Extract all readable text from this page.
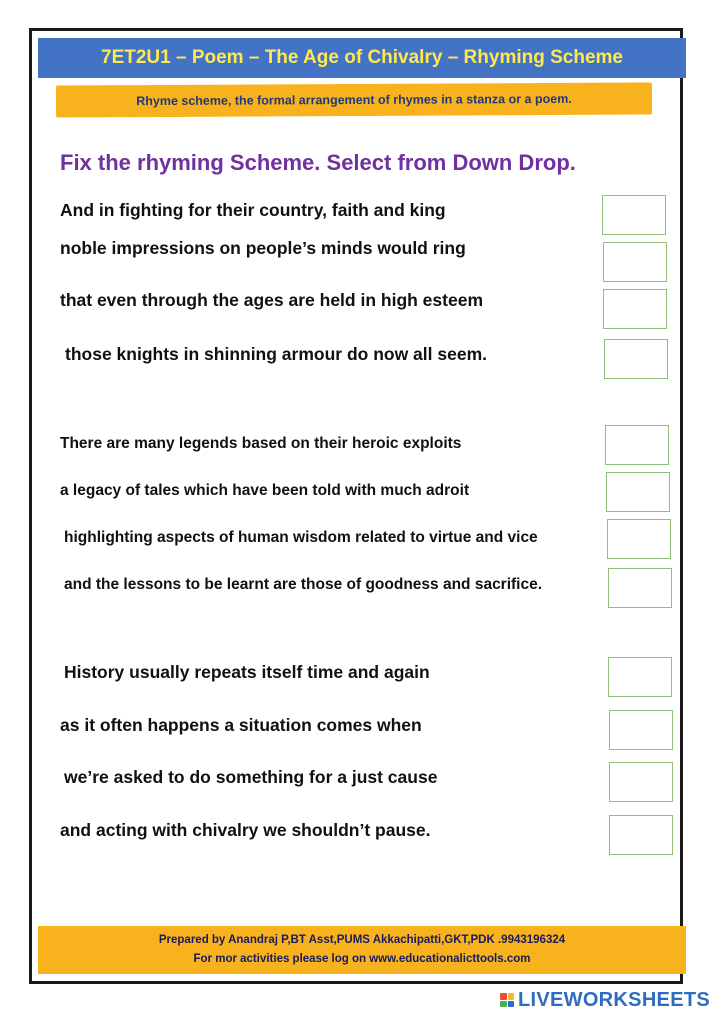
7ET2U1 – Poem – The Age of Chivalry – Rhyming Scheme
Rhyme scheme, the formal arrangement of rhymes in a stanza or a poem.
Fix the rhyming Scheme. Select from Down Drop.
And in fighting for their country, faith and king
noble impressions on people’s minds would ring
that even through the ages are held in high esteem
those knights in shinning armour do now all seem.
There are many legends based on their heroic exploits
a legacy of tales which have been told with much adroit
highlighting aspects of human wisdom related to virtue and vice
and the lessons to be learnt are those of goodness and sacrifice.
History usually repeats itself time and again
as it often happens a situation comes when
we’re asked to do something for a just cause
and acting with chivalry we shouldn’t pause.
Prepared by Anandraj P,BT Asst,PUMS Akkachipatti,GKT,PDK .9943196324
For mor activities please log on www.educationalicttools.com
LIVEWORKSHEETS
